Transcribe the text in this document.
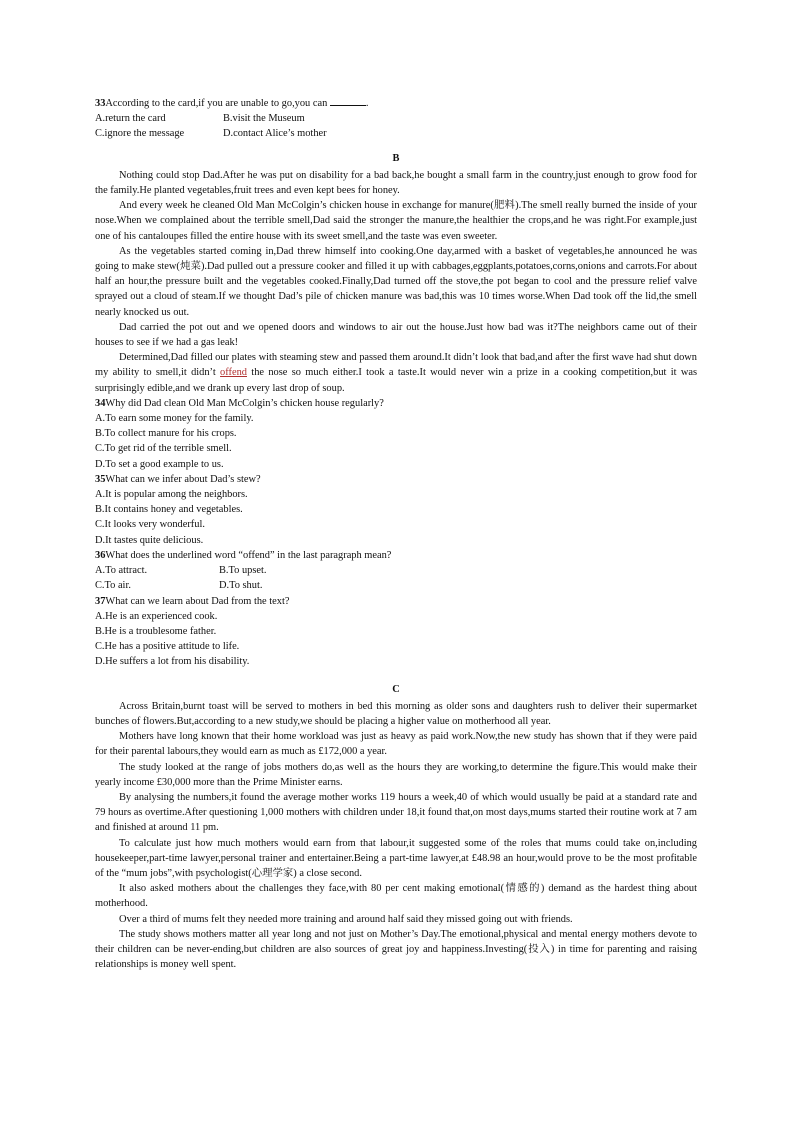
33According to the card,if you are unable to go,you can	.
A.return the card	B.visit the Museum
C.ignore the message	D.contact Alice’s mother
B

Nothing could stop Dad.After he was put on disability for a bad back,he bought a small farm in the country,just enough to grow food for the family.He planted vegetables,fruit trees and even kept bees for honey.

And every week he cleaned Old Man McColgin’s chicken house in exchange for manure(肥料).The smell really burned the inside of your nose.When we complained about the terrible smell,Dad said the stronger the manure,the healthier the crops,and he was right.For example,just one of his cantaloupes filled the entire house with its sweet smell,and the taste was even sweeter.

As the vegetables started coming in,Dad threw himself into cooking.One day,armed with a basket of vegetables,he announced he was going to make stew(炖菜).Dad pulled out a pressure cooker and filled it up with cabbages,eggplants,potatoes,corns,onions and carrots.For about half an hour,the pressure built and the vegetables cooked.Finally,Dad turned off the stove,the pot began to cool and the pressure relief valve sprayed out a cloud of steam.If we thought Dad’s pile of chicken manure was bad,this was 10 times worse.When Dad took off the lid,the smell nearly knocked us out.

Dad carried the pot out and we opened doors and windows to air out the house.Just how bad was it?The neighbors came out of their houses to see if we had a gas leak!

Determined,Dad filled our plates with steaming stew and passed them around.It didn’t look that bad,and after the first wave had shut down my ability to smell,it didn’t offend the nose so much either.I took a taste.It would never win a prize in a cooking competition,but it was surprisingly edible,and we drank up every last drop of soup.

34Why did Dad clean Old Man McColgin’s chicken house regularly?
A.To earn some money for the family.
B.To collect manure for his crops.
C.To get rid of the terrible smell.
D.To set a good example to us.
35What can we infer about Dad’s stew?
A.It is popular among the neighbors.
B.It contains honey and vegetables.
C.It looks very wonderful.
D.It tastes quite delicious.
36What does the underlined word “offend” in the last paragraph mean?
A.To attract.	B.To upset.
C.To air.	D.To shut.
37What can we learn about Dad from the text?
A.He is an experienced cook.
B.He is a troublesome father.
C.He has a positive attitude to life.
D.He suffers a lot from his disability.
C

Across Britain,burnt toast will be served to mothers in bed this morning as older sons and daughters rush to deliver their supermarket bunches of flowers.But,according to a new study,we should be placing a higher value on motherhood all year.

Mothers have long known that their home workload was just as heavy as paid work.Now,the new study has shown that if they were paid for their parental labours,they would earn as much as £172,000 a year.

The study looked at the range of jobs mothers do,as well as the hours they are working,to determine the figure.This would make their yearly income £30,000 more than the Prime Minister earns.

By analysing the numbers,it found the average mother works 119 hours a week,40 of which would usually be paid at a standard rate and 79 hours as overtime.After questioning 1,000 mothers with children under 18,it found that,on most days,mums started their routine work at 7 am and finished at around 11 pm.

To calculate just how much mothers would earn from that labour,it suggested some of the roles that mums could take on,including housekeeper,part-time lawyer,personal trainer and entertainer.Being a part-time lawyer,at £48.98 an hour,would prove to be the most profitable of the “mum jobs”,with psychologist(心理学家) a close second.

It also asked mothers about the challenges they face,with 80 per cent making emotional(情感的) demand as the hardest thing about motherhood.

Over a third of mums felt they needed more training and around half said they missed going out with friends.

The study shows mothers matter all year long and not just on Mother’s Day.The emotional,physical and mental energy mothers devote to their children can be never-ending,but children are also sources of great joy and happiness.Investing(投入) in time for parenting and raising relationships is money well spent.
